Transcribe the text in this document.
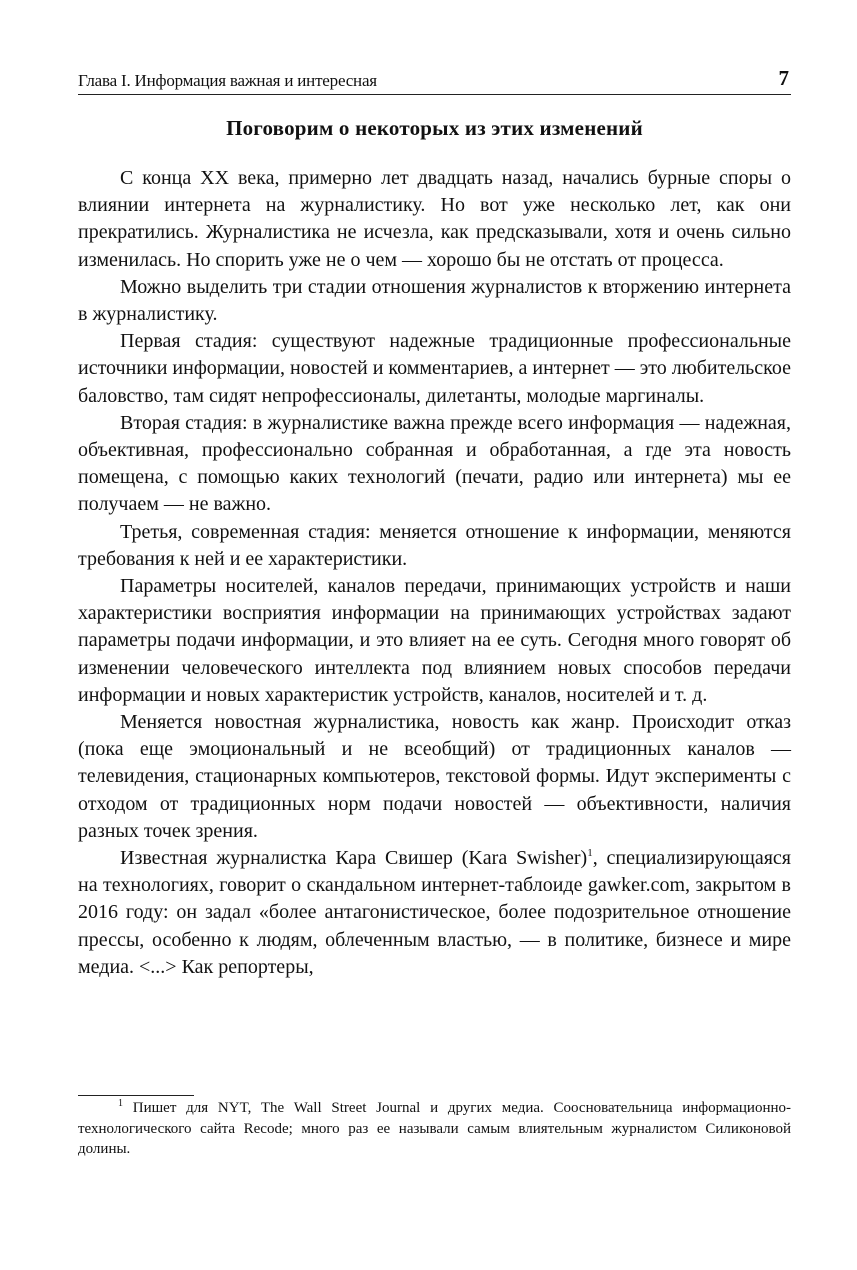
Глава I. Информация важная и интересная	7
Поговорим о некоторых из этих изменений

С конца XX века, примерно лет двадцать назад, начались бурные споры о влиянии интернета на журналистику. Но вот уже несколько лет, как они прекратились. Журналистика не исчезла, как предсказывали, хотя и очень сильно изменилась. Но спорить уже не о чем — хорошо бы не отстать от процесса.

Можно выделить три стадии отношения журналистов к вторжению интернета в журналистику.

Первая стадия: существуют надежные традиционные профессиональные источники информации, новостей и комментариев, а интернет — это любительское баловство, там сидят непрофессионалы, дилетанты, молодые маргиналы.

Вторая стадия: в журналистике важна прежде всего информация — надежная, объективная, профессионально собранная и обработанная, а где эта новость помещена, с помощью каких технологий (печати, радио или интернета) мы ее получаем — не важно.

Третья, современная стадия: меняется отношение к информации, меняются требования к ней и ее характеристики.

Параметры носителей, каналов передачи, принимающих устройств и наши характеристики восприятия информации на принимающих устройствах задают параметры подачи информации, и это влияет на ее суть. Сегодня много говорят об изменении человеческого интеллекта под влиянием новых способов передачи информации и новых характеристик устройств, каналов, носителей и т. д.

Меняется новостная журналистика, новость как жанр. Происходит отказ (пока еще эмоциональный и не всеобщий) от традиционных каналов — телевидения, стационарных компьютеров, текстовой формы. Идут эксперименты с отходом от традиционных норм подачи новостей — объективности, наличия разных точек зрения.

Известная журналистка Кара Свишер (Kara Swisher)$^1$, специализирующаяся на технологиях, говорит о скандальном интернет-таблоиде gawker.com, закрытом в 2016 году: он задал «более антагонистическое, более подозрительное отношение прессы, особенно к людям, облеченным властью, — в политике, бизнесе и мире медиа. <...> Как репортеры,

$^1$ Пишет для NYT, The Wall Street Journal и других медиа. Соосновательница информационно-технологического сайта Recode; много раз ее называли самым влиятельным журналистом Силиконовой долины.
